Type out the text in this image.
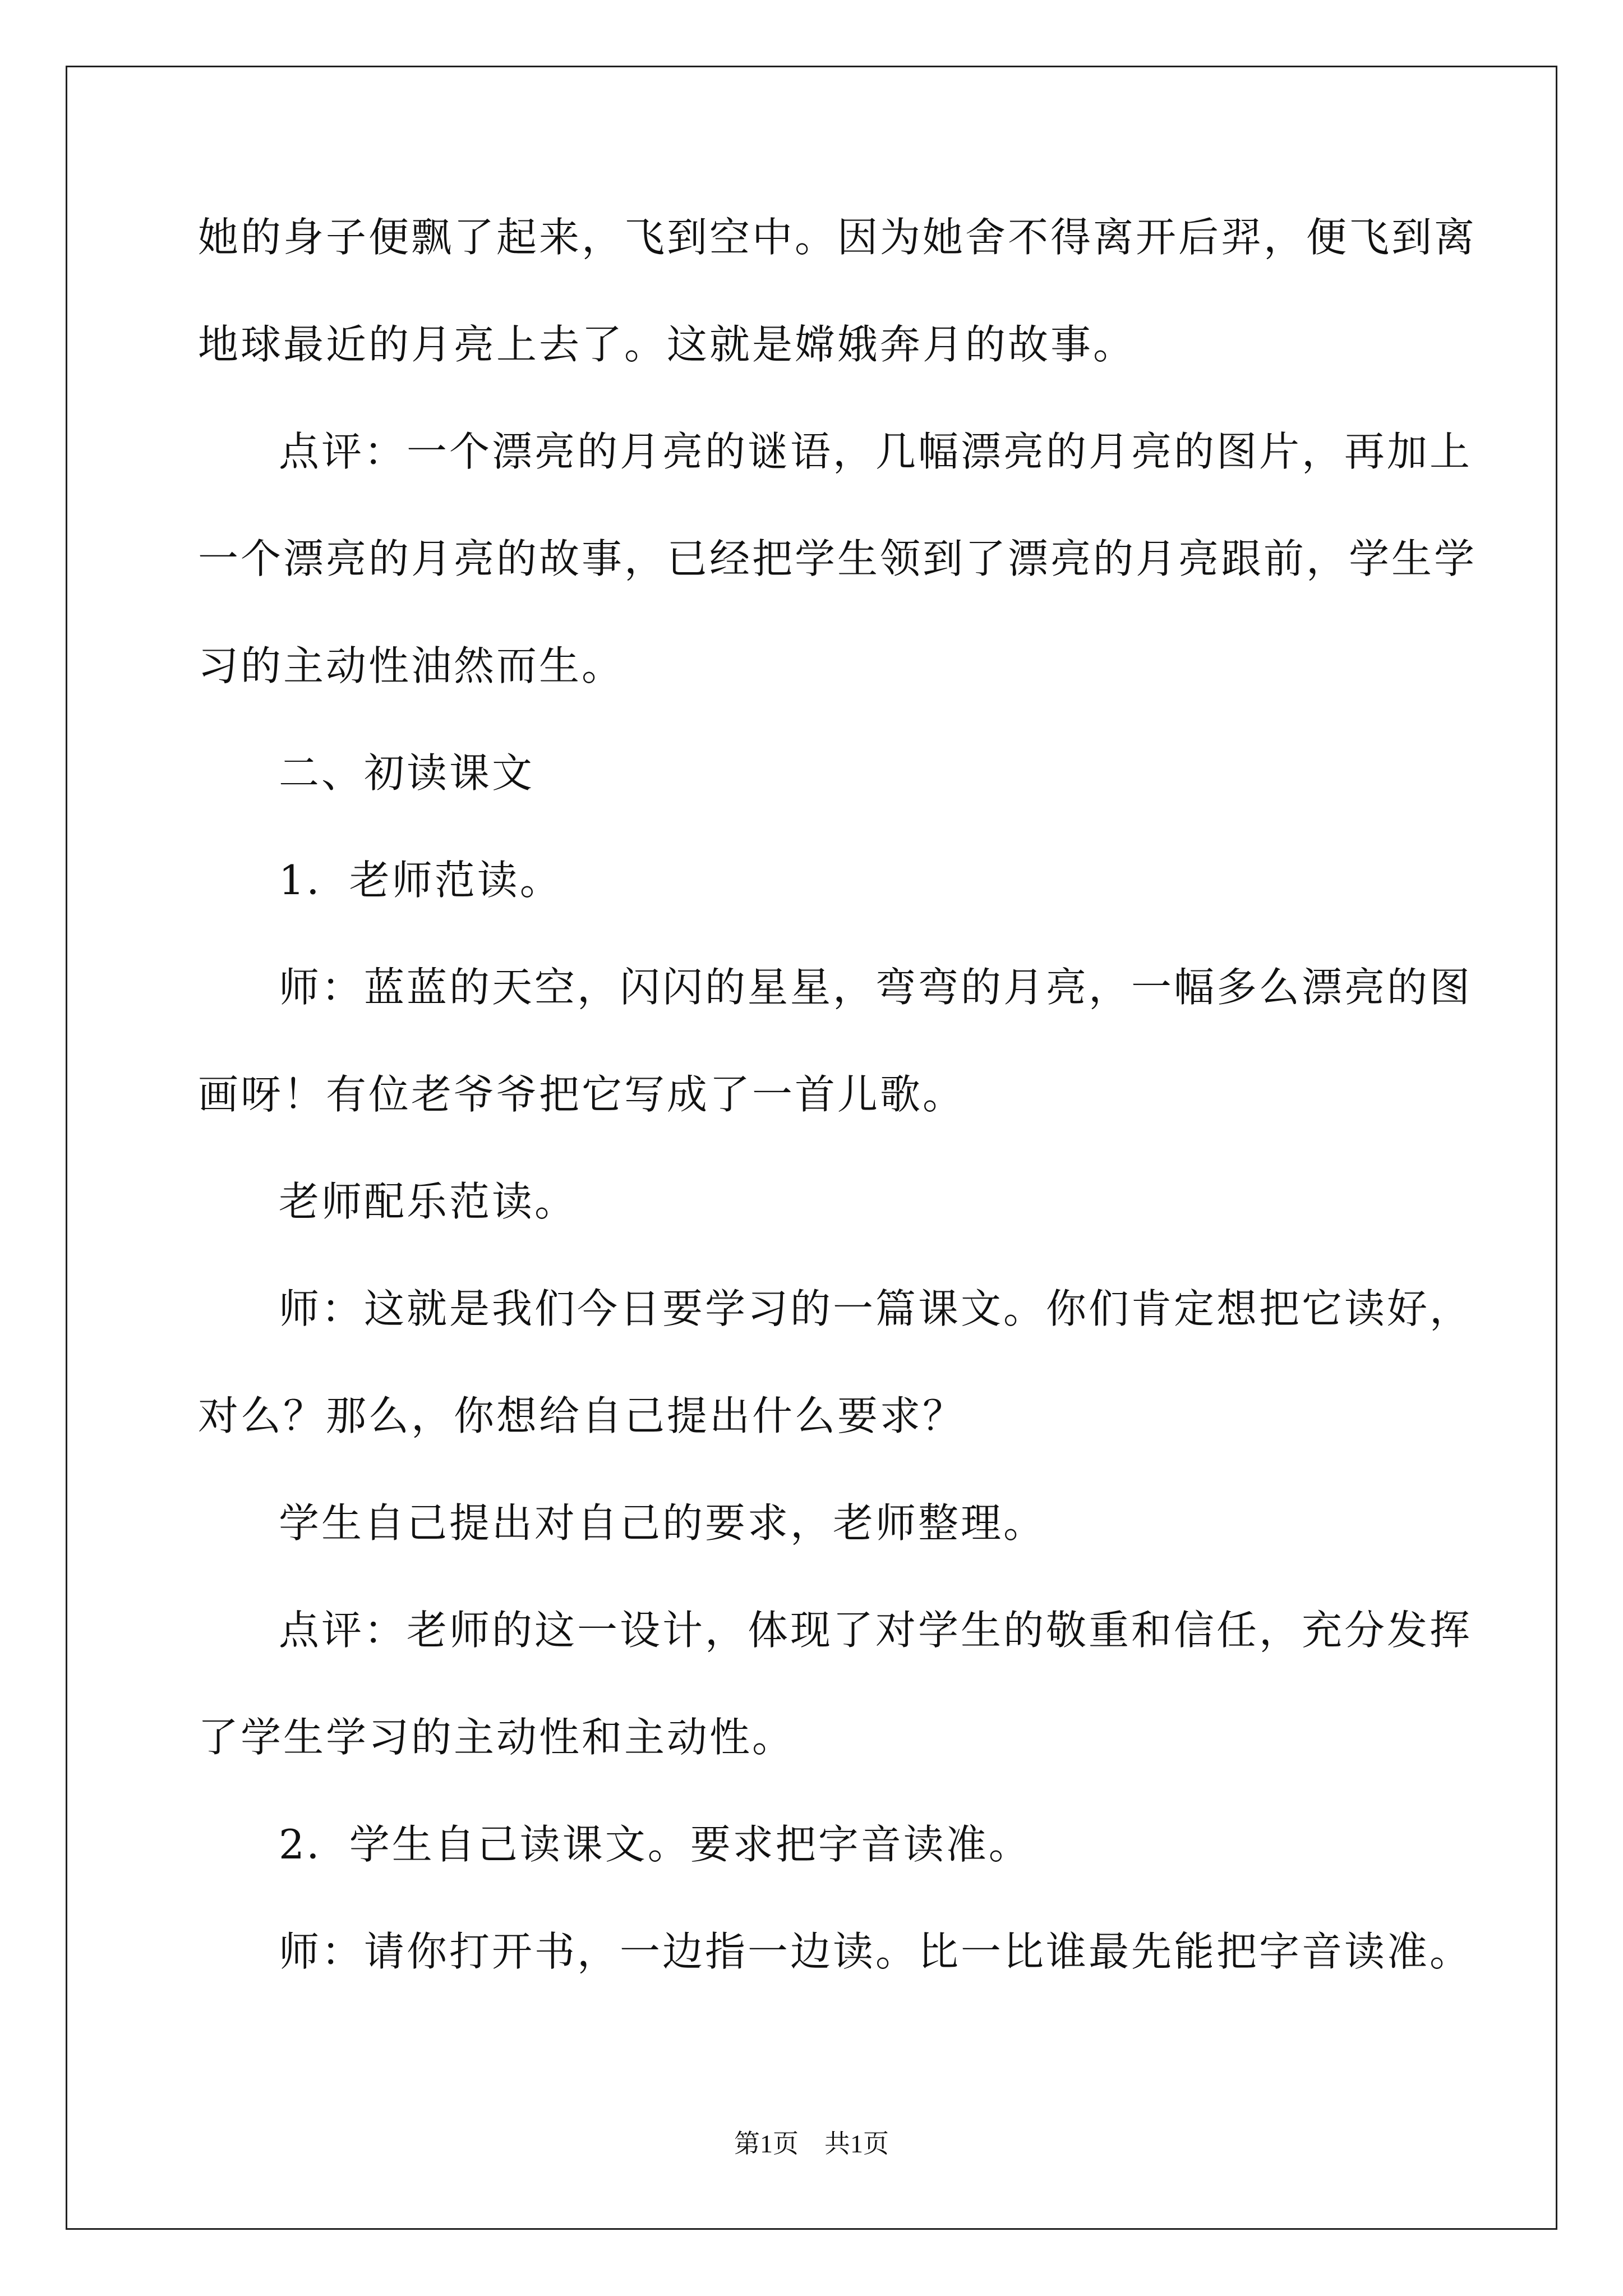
她的身子便飘了起来，飞到空中。因为她舍不得离开后羿，便飞到离
地球最近的月亮上去了。这就是嫦娥奔月的故事。
点评：一个漂亮的月亮的谜语，几幅漂亮的月亮的图片，再加上
一个漂亮的月亮的故事，已经把学生领到了漂亮的月亮跟前，学生学
习的主动性油然而生。
二、初读课文
1．老师范读。
师：蓝蓝的天空，闪闪的星星，弯弯的月亮，一幅多么漂亮的图
画呀！有位老爷爷把它写成了一首儿歌。
老师配乐范读。
师：这就是我们今日要学习的一篇课文。你们肯定想把它读好，
对么？那么，你想给自己提出什么要求？
学生自己提出对自己的要求，老师整理。
点评：老师的这一设计，体现了对学生的敬重和信任，充分发挥
了学生学习的主动性和主动性。
2．学生自己读课文。要求把字音读准。
师：请你打开书，一边指一边读。比一比谁最先能把字音读准。
第1页　共1页
